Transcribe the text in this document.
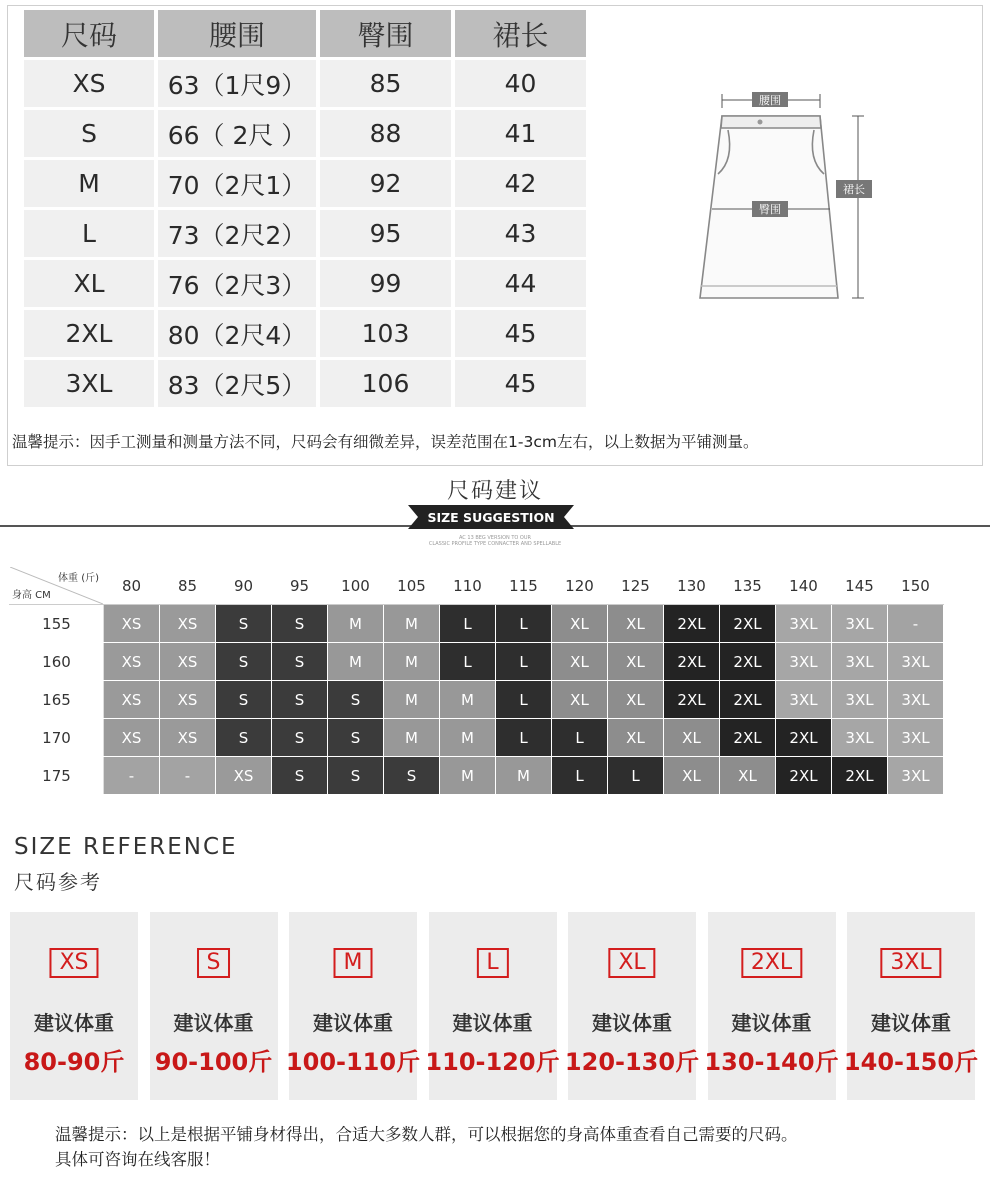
尺码	腰围	臀围	裙长
XS	63（1尺9）	85	40
S	66（ 2尺 ）	88	41
M	70（2尺1）	92	42
L	73（2尺2）	95	43
XL	76（2尺3）	99	44
2XL	80（2尺4）	103	45
3XL	83（2尺5）	106	45
腰围
臀围
裙长
温馨提示：因手工测量和测量方法不同，尺码会有细微差异，误差范围在1-3cm左右，以上数据为平铺测量。
尺码建议
SIZE SUGGESTION
AC 13 BEG VERSION TO OUR
CLASSIC PROFILE TYPE CONNACTER AND SPELLABLE
体重 (斤)
身高 CM	80	85	90	95	100	105	110	115	120	125	130	135	140	145	150
155	XS	XS	S	S	M	M	L	L	XL	XL	2XL	2XL	3XL	3XL	-
160	XS	XS	S	S	M	M	L	L	XL	XL	2XL	2XL	3XL	3XL	3XL
165	XS	XS	S	S	S	M	M	L	XL	XL	2XL	2XL	3XL	3XL	3XL
170	XS	XS	S	S	S	M	M	L	L	XL	XL	2XL	2XL	3XL	3XL
175	-	-	XS	S	S	S	M	M	L	L	XL	XL	2XL	2XL	3XL
SIZE REFERENCE
尺码参考
XS
建议体重
80-90斤
S
建议体重
90-100斤
M
建议体重
100-110斤
L
建议体重
110-120斤
XL
建议体重
120-130斤
2XL
建议体重
130-140斤
3XL
建议体重
140-150斤
温馨提示：以上是根据平铺身材得出，合适大多数人群，可以根据您的身高体重查看自己需要的尺码。
具体可咨询在线客服！
